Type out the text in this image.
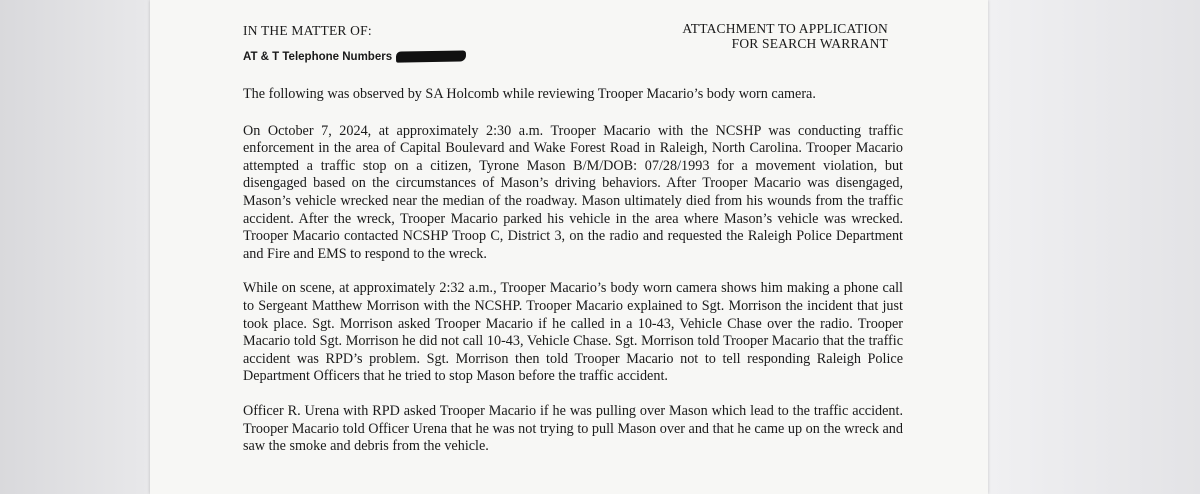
IN THE MATTER OF:	ATTACHMENT TO APPLICATION
FOR SEARCH WARRANT
AT & T Telephone Numbers

The following was observed by SA Holcomb while reviewing Trooper Macario’s body worn camera.

On October 7, 2024, at approximately 2:30 a.m. Trooper Macario with the NCSHP was conducting traffic enforcement in the area of Capital Boulevard and Wake Forest Road in Raleigh, North Carolina. Trooper Macario attempted a traffic stop on a citizen, Tyrone Mason B/M/DOB: 07/28/1993 for a movement violation, but disengaged based on the circumstances of Mason’s driving behaviors. After Trooper Macario was disengaged, Mason’s vehicle wrecked near the median of the roadway. Mason ultimately died from his wounds from the traffic accident. After the wreck, Trooper Macario parked his vehicle in the area where Mason’s vehicle was wrecked. Trooper Macario contacted NCSHP Troop C, District 3, on the radio and requested the Raleigh Police Department and Fire and EMS to respond to the wreck.

While on scene, at approximately 2:32 a.m., Trooper Macario’s body worn camera shows him making a phone call to Sergeant Matthew Morrison with the NCSHP. Trooper Macario explained to Sgt. Morrison the incident that just took place. Sgt. Morrison asked Trooper Macario if he called in a 10-43, Vehicle Chase over the radio. Trooper Macario told Sgt. Morrison he did not call 10-43, Vehicle Chase. Sgt. Morrison told Trooper Macario that the traffic accident was RPD’s problem. Sgt. Morrison then told Trooper Macario not to tell responding Raleigh Police Department Officers that he tried to stop Mason before the traffic accident.

Officer R. Urena with RPD asked Trooper Macario if he was pulling over Mason which lead to the traffic accident. Trooper Macario told Officer Urena that he was not trying to pull Mason over and that he came up on the wreck and saw the smoke and debris from the vehicle.
